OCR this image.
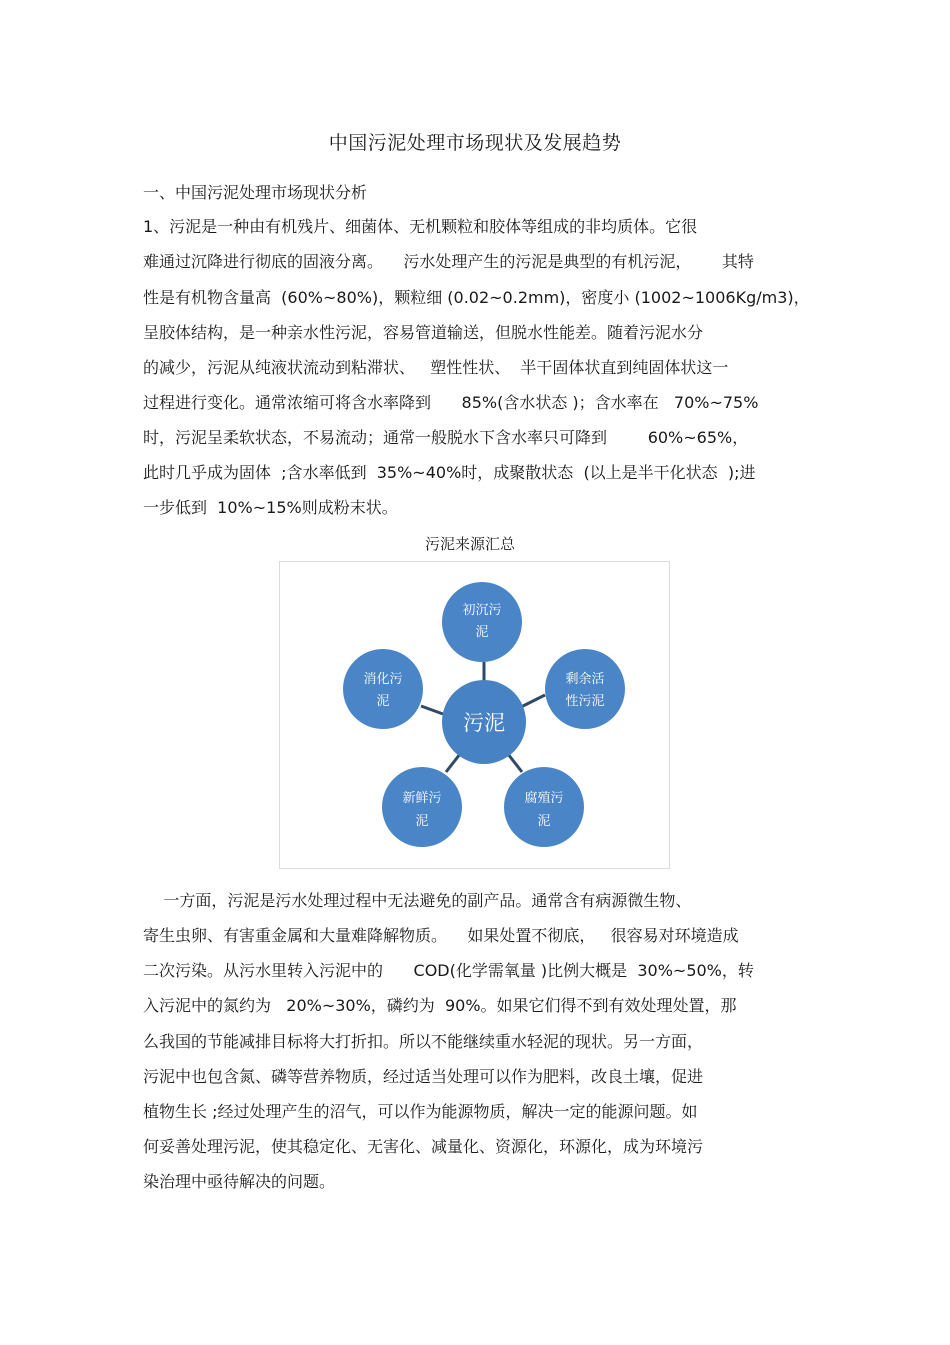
中国污泥处理市场现状及发展趋势
一、中国污泥处理市场现状分析
1、污泥是一种由有机残片、细菌体、无机颗粒和胶体等组成的非均质体。它很
难通过沉降进行彻底的固液分离。    污水处理产生的污泥是典型的有机污泥，      其特
性是有机物含量高  (60%~80%)，颗粒细 (0.02~0.2mm)，密度小 (1002~1006Kg/m3)，
呈胶体结构，是一种亲水性污泥，容易管道输送，但脱水性能差。随着污泥水分
的减少，污泥从纯液状流动到粘滞状、   塑性性状、  半干固体状直到纯固体状这一
过程进行变化。通常浓缩可将含水率降到      85%(含水状态 )；含水率在   70%~75%
时，污泥呈柔软状态，不易流动；通常一般脱水下含水率只可降到        60%~65%，
此时几乎成为固体  ;含水率低到  35%~40%时，成聚散状态  (以上是半干化状态  );进
一步低到  10%~15%则成粉末状。
污泥来源汇总
初沉污
泥
剩余活
性污泥
腐殖污
泥
新鲜污
泥
消化污
泥
污泥
一方面，污泥是污水处理过程中无法避免的副产品。通常含有病源微生物、
寄生虫卵、有害重金属和大量难降解物质。    如果处置不彻底，   很容易对环境造成
二次污染。从污水里转入污泥中的      COD(化学需氧量 )比例大概是  30%~50%，转
入污泥中的氮约为   20%~30%，磷约为  90%。如果它们得不到有效处理处置，那
么我国的节能减排目标将大打折扣。所以不能继续重水轻泥的现状。另一方面，
污泥中也包含氮、磷等营养物质，经过适当处理可以作为肥料，改良土壤，促进
植物生长 ;经过处理产生的沼气，可以作为能源物质，解决一定的能源问题。如
何妥善处理污泥，使其稳定化、无害化、减量化、资源化，环源化，成为环境污
染治理中亟待解决的问题。
